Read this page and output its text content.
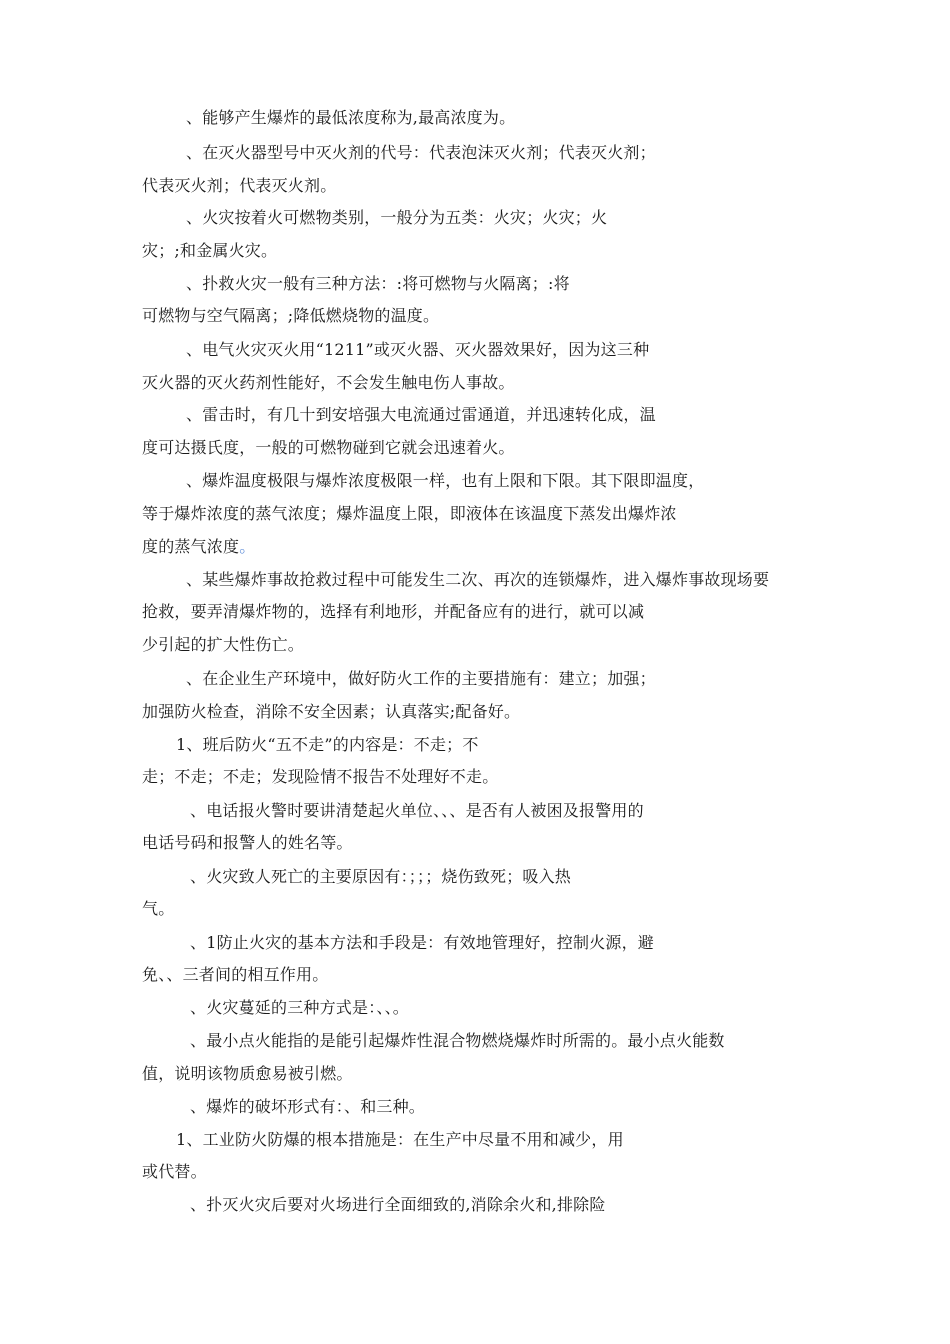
、能够产生爆炸的最低浓度称为,最高浓度为。
、在灭火器型号中灭火剂的代号：代表泡沫灭火剂；代表灭火剂；
代表灭火剂；代表灭火剂。
、火灾按着火可燃物类别，一般分为五类：火灾；火灾；火
灾；;和金属火灾。
、扑救火灾一般有三种方法：:将可燃物与火隔离；:将
可燃物与空气隔离；;降低燃烧物的温度。
、电气火灾灭火用“1211”或灭火器、灭火器效果好，因为这三种
灭火器的灭火药剂性能好，不会发生触电伤人事故。
、雷击时，有几十到安培强大电流通过雷通道，并迅速转化成，温
度可达摄氏度，一般的可燃物碰到它就会迅速着火。
、爆炸温度极限与爆炸浓度极限一样，也有上限和下限。其下限即温度，
等于爆炸浓度的蒸气浓度；爆炸温度上限，即液体在该温度下蒸发出爆炸浓
度的蒸气浓度。
、某些爆炸事故抢救过程中可能发生二次、再次的连锁爆炸，进入爆炸事故现场要
抢救，要弄清爆炸物的，选择有利地形，并配备应有的进行，就可以减
少引起的扩大性伤亡。
、在企业生产环境中，做好防火工作的主要措施有：建立；加强；
加强防火检查，消除不安全因素；认真落实;配备好。
1、班后防火“五不走”的内容是：不走；不
走；不走；不走；发现险情不报告不处理好不走。
、电话报火警时要讲清楚起火单位、、、是否有人被困及报警用的
电话号码和报警人的姓名等。
、火灾致人死亡的主要原因有：；；；烧伤致死；吸入热
气。
、1防止火灾的基本方法和手段是：有效地管理好，控制火源，避
免、、三者间的相互作用。
、火灾蔓延的三种方式是：、、。
、最小点火能指的是能引起爆炸性混合物燃烧爆炸时所需的。最小点火能数
值，说明该物质愈易被引燃。
、爆炸的破坏形式有：、和三种。
1、工业防火防爆的根本措施是：在生产中尽量不用和减少，用
或代替。
、扑灭火灾后要对火场进行全面细致的,消除余火和,排除险
